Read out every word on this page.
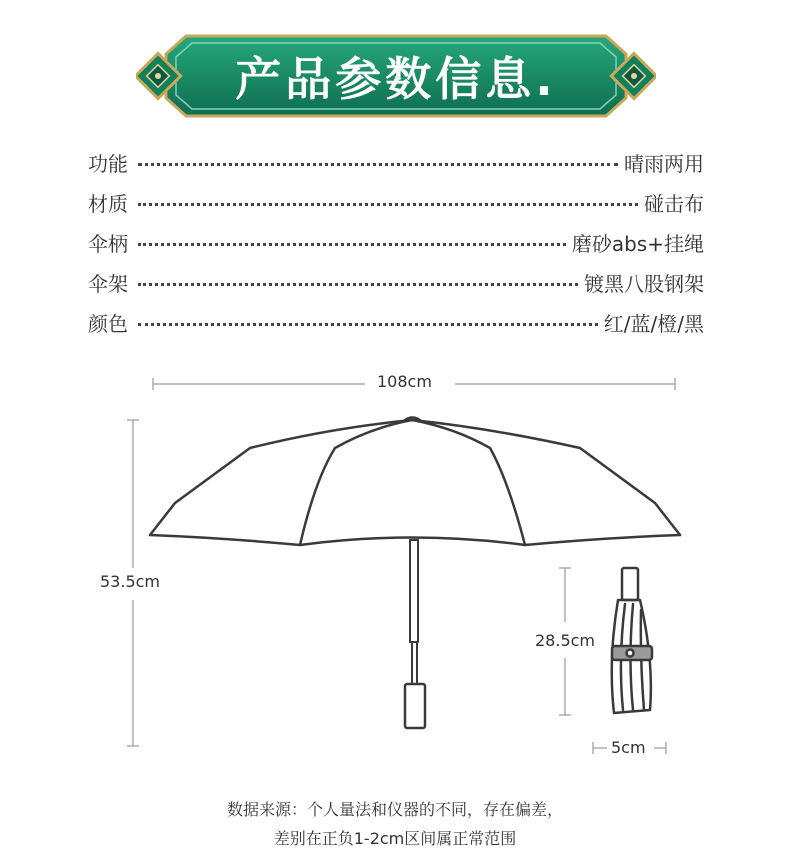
产品参数信息.
功能	晴雨两用
材质	碰击布
伞柄	磨砂abs+挂绳
伞架	镀黑八股钢架
颜色	红/蓝/橙/黑
108cm
53.5cm
28.5cm
5cm
数据来源：个人量法和仪器的不同，存在偏差，
差别在正负1-2cm区间属正常范围
